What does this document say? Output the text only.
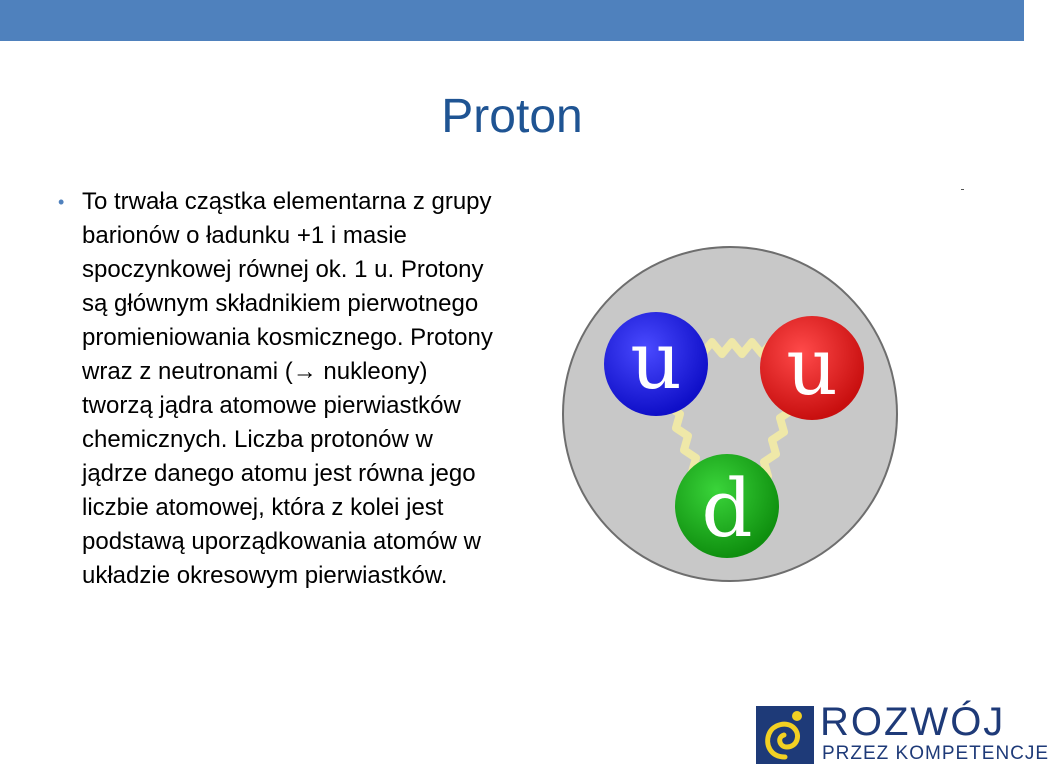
Proton
• To trwała cząstka elementarna z grupy barionów o ładunku +1 i masie spoczynkowej równej ok. 1 u. Protony są głównym składnikiem pierwotnego promieniowania kosmicznego. Protony wraz z neutronami (→ nukleony) tworzą jądra atomowe pierwiastków chemicznych. Liczba protonów w jądrze danego atomu jest równa jego liczbie atomowej, która z kolei jest podstawą uporządkowania atomów w układzie okresowym pierwiastków.
u u
d
ROZWÓJ
PRZEZ KOMPETENCJE
